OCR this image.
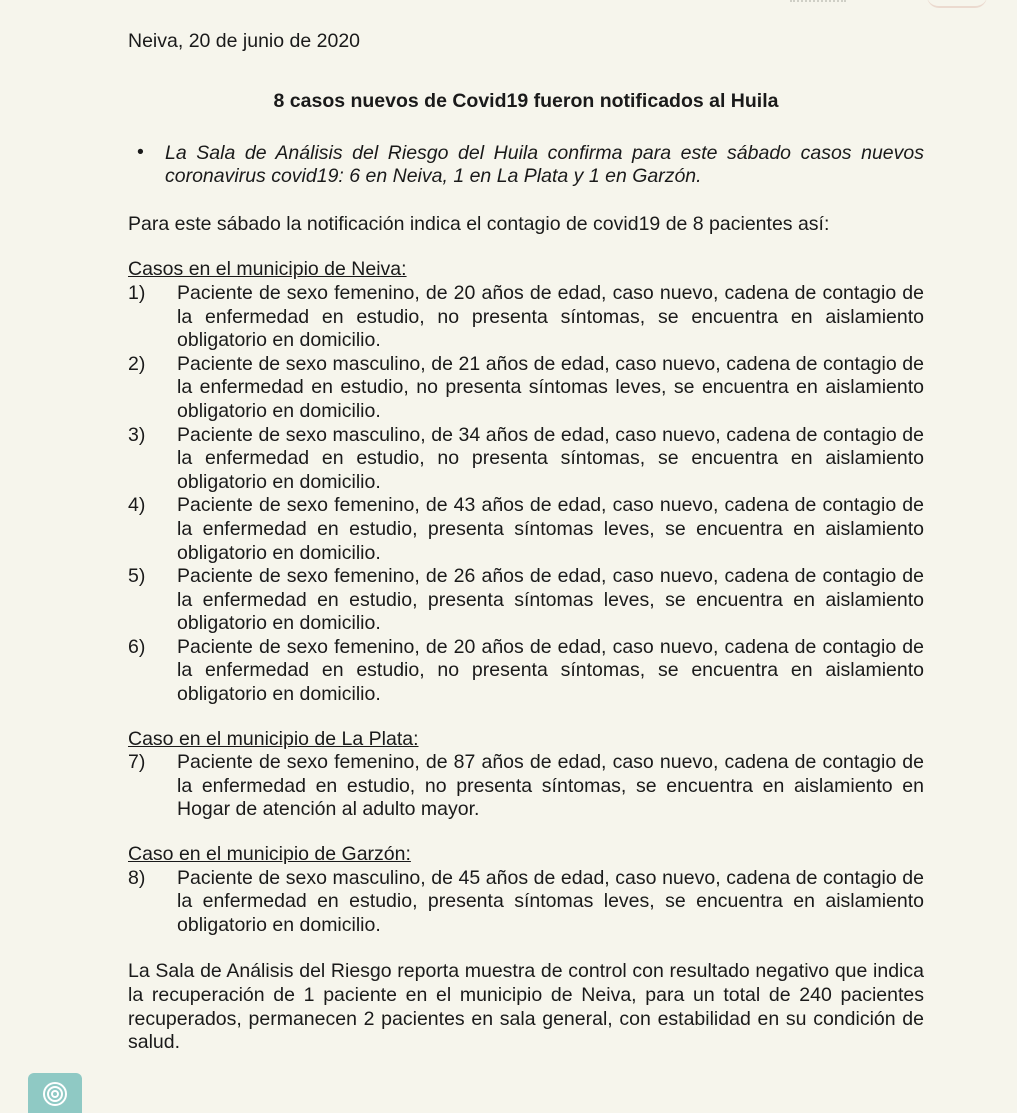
Neiva, 20 de junio de 2020

8 casos nuevos de Covid19 fueron notificados al Huila
• La Sala de Análisis del Riesgo del Huila confirma para este sábado casos nuevos coronavirus covid19: 6 en Neiva, 1 en La Plata y 1 en Garzón.

Para este sábado la notificación indica el contagio de covid19 de 8 pacientes así:

Casos en el municipio de Neiva:
1) Paciente de sexo femenino, de 20 años de edad, caso nuevo, cadena de contagio de la enfermedad en estudio, no presenta síntomas, se encuentra en aislamiento obligatorio en domicilio.
2) Paciente de sexo masculino, de 21 años de edad, caso nuevo, cadena de contagio de la enfermedad en estudio, no presenta síntomas leves, se encuentra en aislamiento obligatorio en domicilio.
3) Paciente de sexo masculino, de 34 años de edad, caso nuevo, cadena de contagio de la enfermedad en estudio, no presenta síntomas, se encuentra en aislamiento obligatorio en domicilio.
4) Paciente de sexo femenino, de 43 años de edad, caso nuevo, cadena de contagio de la enfermedad en estudio, presenta síntomas leves, se encuentra en aislamiento obligatorio en domicilio.
5) Paciente de sexo femenino, de 26 años de edad, caso nuevo, cadena de contagio de la enfermedad en estudio, presenta síntomas leves, se encuentra en aislamiento obligatorio en domicilio.
6) Paciente de sexo femenino, de 20 años de edad, caso nuevo, cadena de contagio de la enfermedad en estudio, no presenta síntomas, se encuentra en aislamiento obligatorio en domicilio.
Caso en el municipio de La Plata:
7) Paciente de sexo femenino, de 87 años de edad, caso nuevo, cadena de contagio de la enfermedad en estudio, no presenta síntomas, se encuentra en aislamiento en Hogar de atención al adulto mayor.
Caso en el municipio de Garzón:
8) Paciente de sexo masculino, de 45 años de edad, caso nuevo, cadena de contagio de la enfermedad en estudio, presenta síntomas leves, se encuentra en aislamiento obligatorio en domicilio.

La Sala de Análisis del Riesgo reporta muestra de control con resultado negativo que indica la recuperación de 1 paciente en el municipio de Neiva, para un total de 240 pacientes recuperados, permanecen 2 pacientes en sala general, con estabilidad en su condición de salud.
